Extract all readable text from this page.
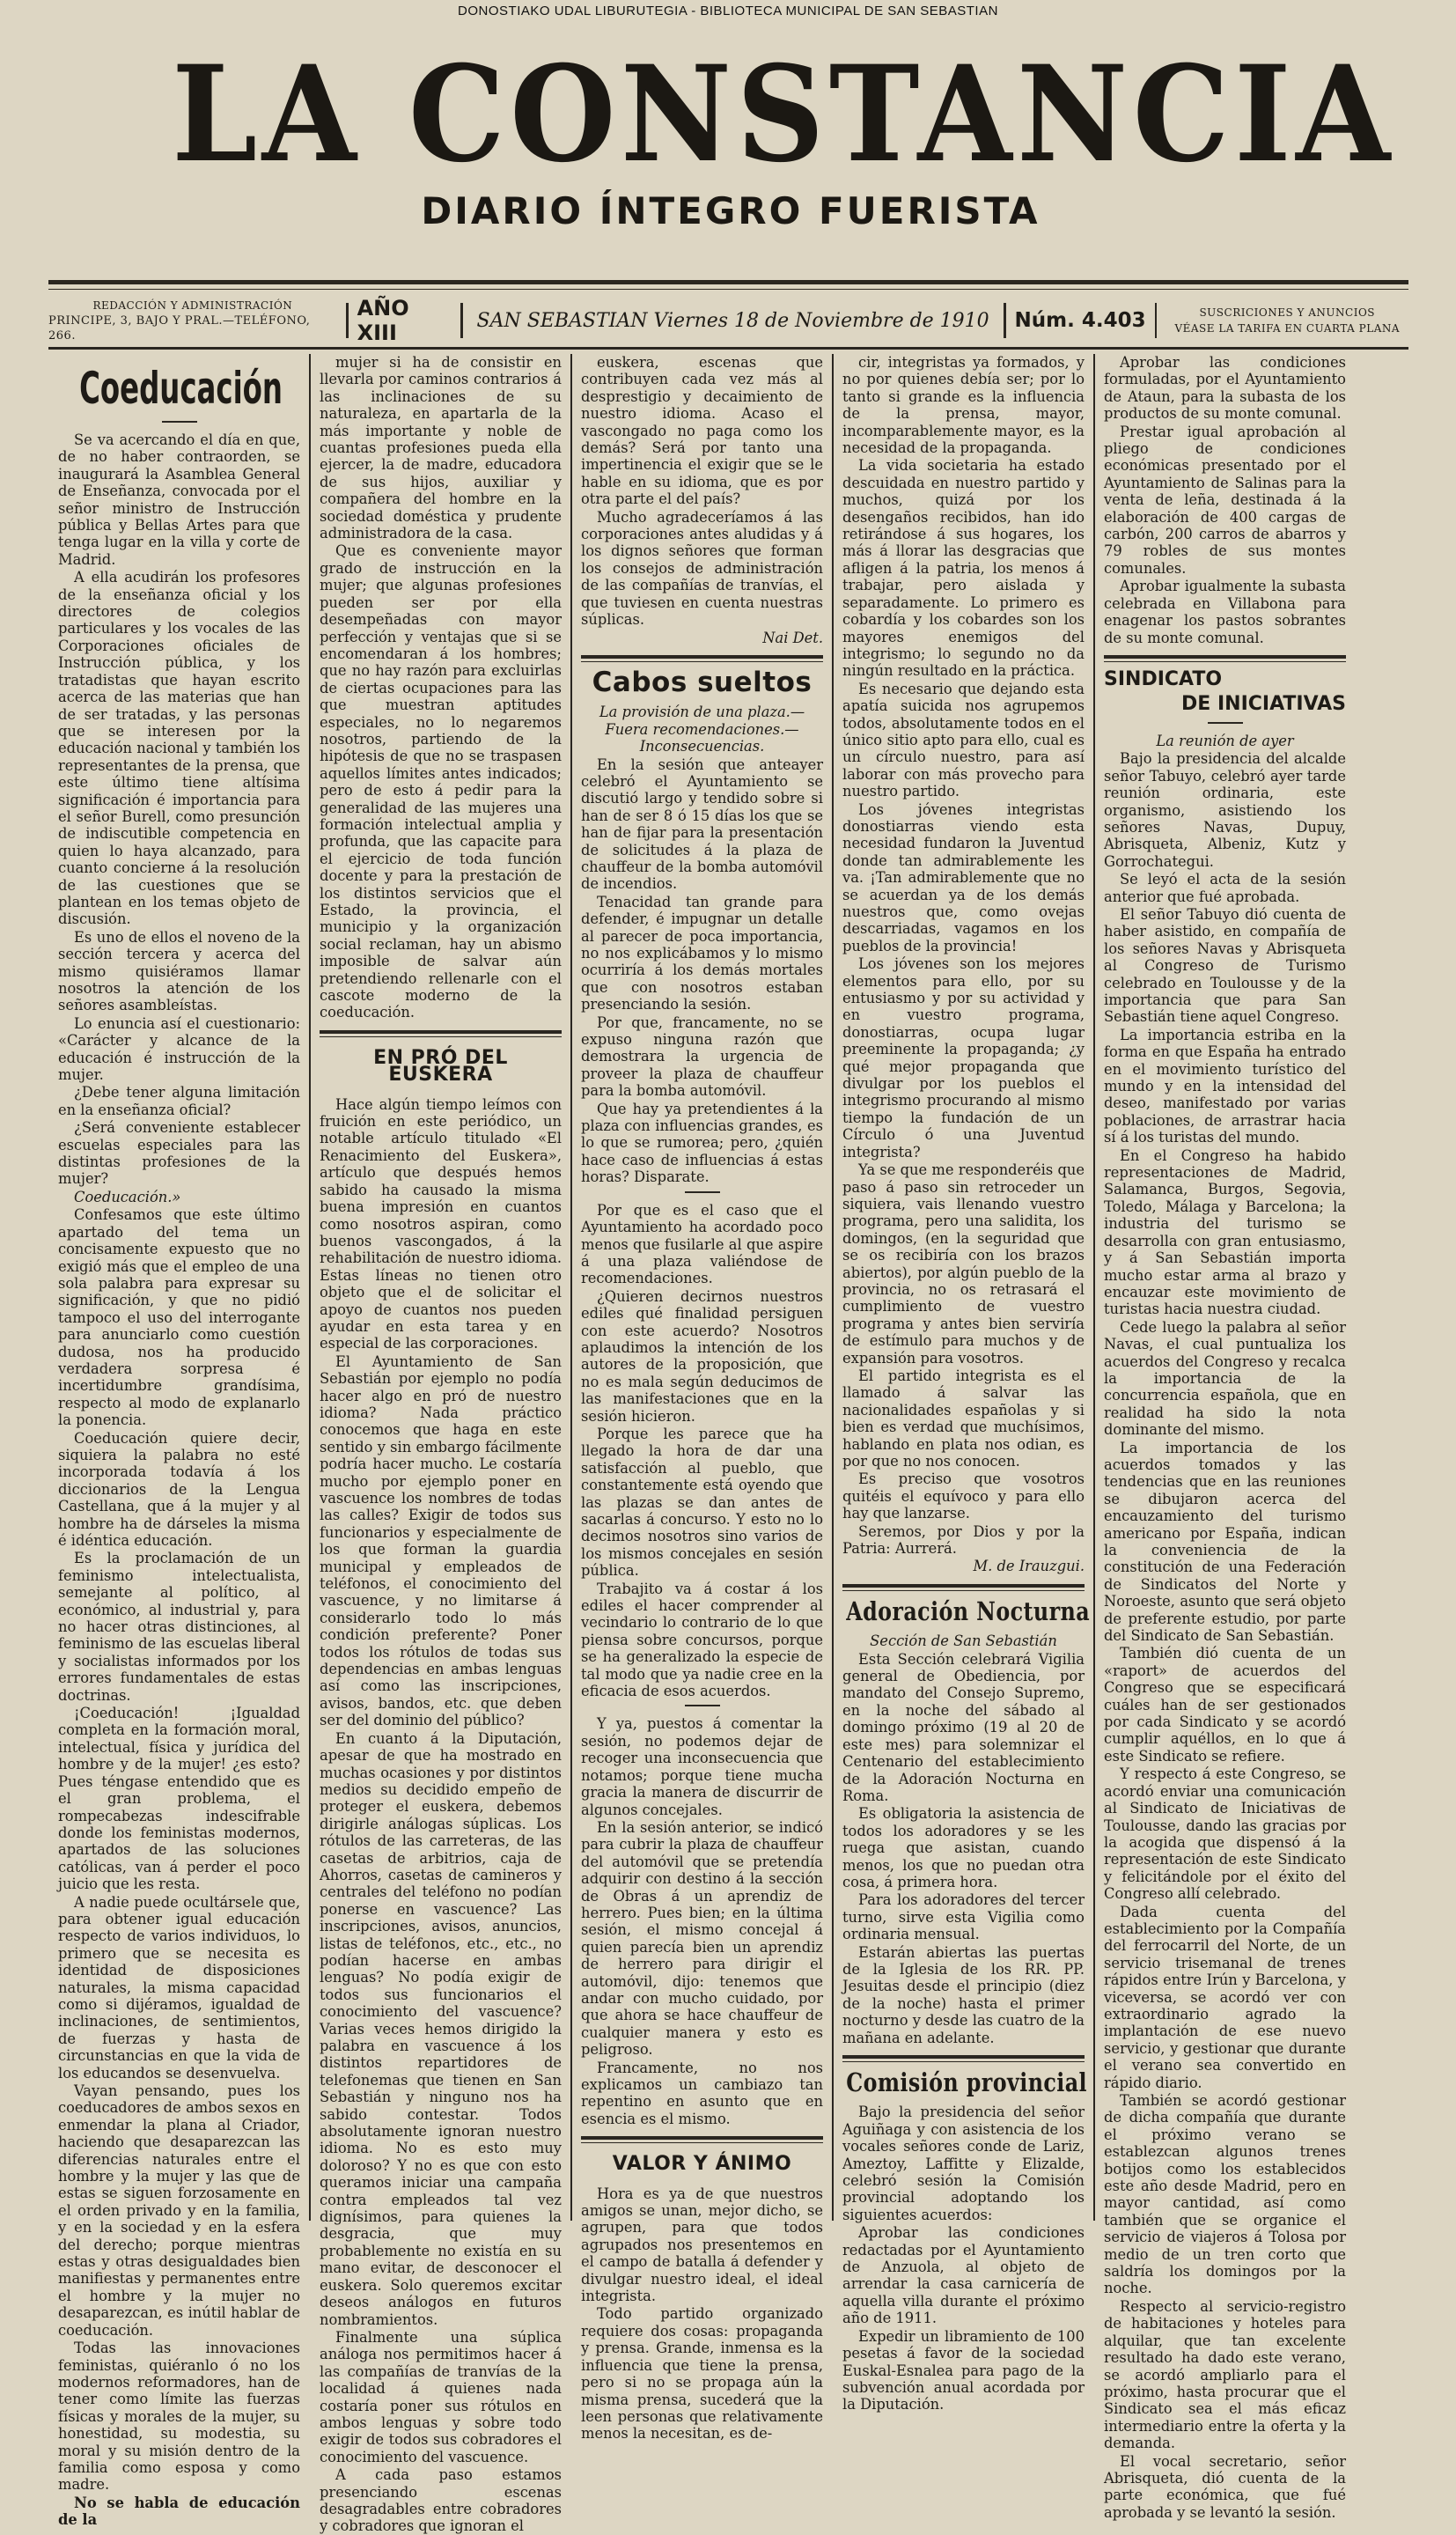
DONOSTIAKO UDAL LIBURUTEGIA - BIBLIOTECA MUNICIPAL DE SAN SEBASTIAN
LA CONSTANCIA
DIARIO ÍNTEGRO FUERISTA
REDACCIÓN Y ADMINISTRACIÓN
PRINCIPE, 3, BAJO Y PRAL.—TELÉFONO, 266.
AÑO XIII	SAN SEBASTIAN Viernes 18 de Noviembre de 1910 Núm. 4.403	SUSCRICIONES Y ANUNCIOS
VÉASE LA TARIFA EN CUARTA PLANA
Coeducación

Se va acercando el día en que, de no haber contraorden, se inaugurará la Asamblea General de Enseñanza, convocada por el señor ministro de Instrucción pública y Bellas Artes para que tenga lugar en la villa y corte de Madrid.

A ella acudirán los profesores de la enseñanza oficial y los directores de colegios particulares y los vocales de las Corporaciones oficiales de Instrucción pública, y los tratadistas que hayan escrito acerca de las materias que han de ser tratadas, y las personas que se interesen por la educación nacional y también los representantes de la prensa, que este último tiene altísima significación é importancia para el señor Burell, como presunción de indiscutible competencia en quien lo haya alcanzado, para cuanto concierne á la resolución de las cuestiones que se plantean en los temas objeto de discusión.

Es uno de ellos el noveno de la sección tercera y acerca del mismo quisiéramos llamar nosotros la atención de los señores asambleístas.

Lo enuncia así el cuestionario: «Carácter y alcance de la educación é instrucción de la mujer.

¿Debe tener alguna limitación en la enseñanza oficial?

¿Será conveniente establecer escuelas especiales para las distintas profesiones de la mujer?

Coeducación.»

Confesamos que este último apartado del tema un concisamente expuesto que no exigió más que el empleo de una sola palabra para expresar su significación, y que no pidió tampoco el uso del interrogante para anunciarlo como cuestión dudosa, nos ha producido verdadera sorpresa é incertidumbre grandísima, respecto al modo de explanarlo la ponencia.

Coeducación quiere decir, siquiera la palabra no esté incorporada todavía á los diccionarios de la Lengua Castellana, que á la mujer y al hombre ha de dárseles la misma é idéntica educación.

Es la proclamación de un feminismo intelectualista, semejante al político, al económico, al industrial y, para no hacer otras distinciones, al feminismo de las escuelas liberal y socialistas informados por los errores fundamentales de estas doctrinas.

¡Coeducación! ¡Igualdad completa en la formación moral, intelectual, física y jurídica del hombre y de la mujer! ¿es esto? Pues téngase entendido que es el gran problema, el rompecabezas indescifrable donde los feministas modernos, apartados de las soluciones católicas, van á perder el poco juicio que les resta.

A nadie puede ocultársele que, para obtener igual educación respecto de varios individuos, lo primero que se necesita es identidad de disposiciones naturales, la misma capacidad como si dijéramos, igualdad de inclinaciones, de sentimientos, de fuerzas y hasta de circunstancias en que la vida de los educandos se desenvuelva.

Vayan pensando, pues los coeducadores de ambos sexos en enmendar la plana al Criador, haciendo que desaparezcan las diferencias naturales entre el hombre y la mujer y las que de estas se siguen forzosamente en el orden privado y en la familia, y en la sociedad y en la esfera del derecho; porque mientras estas y otras desigualdades bien manifiestas y permanentes entre el hombre y la mujer no desaparezcan, es inútil hablar de coeducación.

Todas las innovaciones feministas, quiéranlo ó no los modernos reformadores, han de tener como límite las fuerzas físicas y morales de la mujer, su honestidad, su modestia, su moral y su misión dentro de la familia como esposa y como madre.

No se habla de educación de la

mujer si ha de consistir en llevarla por caminos contrarios á las inclinaciones de su naturaleza, en apartarla de la más importante y noble de cuantas profesiones pueda ella ejercer, la de madre, educadora de sus hijos, auxiliar y compañera del hombre en la sociedad doméstica y prudente administradora de la casa.

Que es conveniente mayor grado de instrucción en la mujer; que algunas profesiones pueden ser por ella desempeñadas con mayor perfección y ventajas que si se encomendaran á los hombres; que no hay razón para excluirlas de ciertas ocupaciones para las que muestran aptitudes especiales, no lo negaremos nosotros, partiendo de la hipótesis de que no se traspasen aquellos límites antes indicados; pero de esto á pedir para la generalidad de las mujeres una formación intelectual amplia y profunda, que las capacite para el ejercicio de toda función docente y para la prestación de los distintos servicios que el Estado, la provincia, el municipio y la organización social reclaman, hay un abismo imposible de salvar aún pretendiendo rellenarle con el cascote moderno de la coeducación.

EN PRÓ DEL EUSKERA

Hace algún tiempo leímos con fruición en este periódico, un notable artículo titulado «El Renacimiento del Euskera», artículo que después hemos sabido ha causado la misma buena impresión en cuantos como nosotros aspiran, como buenos vascongados, á la rehabilitación de nuestro idioma. Estas líneas no tienen otro objeto que el de solicitar el apoyo de cuantos nos pueden ayudar en esta tarea y en especial de las corporaciones.

El Ayuntamiento de San Sebastián por ejemplo no podía hacer algo en pró de nuestro idioma? Nada práctico conocemos que haga en este sentido y sin embargo fácilmente podría hacer mucho. Le costaría mucho por ejemplo poner en vascuence los nombres de todas las calles? Exigir de todos sus funcionarios y especialmente de los que forman la guardia municipal y empleados de teléfonos, el conocimiento del vascuence, y no limitarse á considerarlo todo lo más condición preferente? Poner todos los rótulos de todas sus dependencias en ambas lenguas así como las inscripciones, avisos, bandos, etc. que deben ser del dominio del público?

En cuanto á la Diputación, apesar de que ha mostrado en muchas ocasiones y por distintos medios su decidido empeño de proteger el euskera, debemos dirigirle análogas súplicas. Los rótulos de las carreteras, de las casetas de arbitrios, caja de Ahorros, casetas de camineros y centrales del teléfono no podían ponerse en vascuence? Las inscripciones, avisos, anuncios, listas de teléfonos, etc., etc., no podían hacerse en ambas lenguas? No podía exigir de todos sus funcionarios el conocimiento del vascuence? Varias veces hemos dirigido la palabra en vascuence á los distintos repartidores de telefonemas que tienen en San Sebastián y ninguno nos ha sabido contestar. Todos absolutamente ignoran nuestro idioma. No es esto muy doloroso? Y no es que con esto queramos iniciar una campaña contra empleados tal vez dignísimos, para quienes la desgracia, que muy probablemente no existía en su mano evitar, de desconocer el euskera. Solo queremos excitar deseos análogos en futuros nombramientos.

Finalmente una súplica análoga nos permitimos hacer á las compañías de tranvías de la localidad á quienes nada costaría poner sus rótulos en ambos lenguas y sobre todo exigir de todos sus cobradores el conocimiento del vascuence.

A cada paso estamos presenciando escenas desagradables entre cobradores y cobradores que ignoran el

euskera, escenas que contribuyen cada vez más al desprestigio y decaimiento de nuestro idioma. Acaso el vascongado no paga como los demás? Será por tanto una impertinencia el exigir que se le hable en su idioma, que es por otra parte el del país?

Mucho agradeceríamos á las corporaciones antes aludidas y á los dignos señores que forman los consejos de administración de las compañías de tranvías, el que tuviesen en cuenta nuestras súplicas.

Nai Det.

Cabos sueltos

La provisión de una plaza.—Fuera recomendaciones.—Inconsecuencias.

En la sesión que anteayer celebró el Ayuntamiento se discutió largo y tendido sobre si han de ser 8 ó 15 días los que se han de fijar para la presentación de solicitudes á la plaza de chauffeur de la bomba automóvil de incendios.

Tenacidad tan grande para defender, é impugnar un detalle al parecer de poca importancia, no nos explicábamos y lo mismo ocurriría á los demás mortales que con nosotros estaban presenciando la sesión.

Por que, francamente, no se expuso ninguna razón que demostrara la urgencia de proveer la plaza de chauffeur para la bomba automóvil.

Que hay ya pretendientes á la plaza con influencias grandes, es lo que se rumorea; pero, ¿quién hace caso de influencias á estas horas? Disparate.

Por que es el caso que el Ayuntamiento ha acordado poco menos que fusilarle al que aspire á una plaza valiéndose de recomendaciones.

¿Quieren decirnos nuestros ediles qué finalidad persiguen con este acuerdo? Nosotros aplaudimos la intención de los autores de la proposición, que no es mala según deducimos de las manifestaciones que en la sesión hicieron.

Porque les parece que ha llegado la hora de dar una satisfacción al pueblo, que constantemente está oyendo que las plazas se dan antes de sacarlas á concurso. Y esto no lo decimos nosotros sino varios de los mismos concejales en sesión pública.

Trabajito va á costar á los ediles el hacer comprender al vecindario lo contrario de lo que piensa sobre concursos, porque se ha generalizado la especie de tal modo que ya nadie cree en la eficacia de esos acuerdos.

Y ya, puestos á comentar la sesión, no podemos dejar de recoger una inconsecuencia que notamos; porque tiene mucha gracia la manera de discurrir de algunos concejales.

En la sesión anterior, se indicó para cubrir la plaza de chauffeur del automóvil que se pretendía adquirir con destino á la sección de Obras á un aprendiz de herrero. Pues bien; en la última sesión, el mismo concejal á quien parecía bien un aprendiz de herrero para dirigir el automóvil, dijo: tenemos que andar con mucho cuidado, por que ahora se hace chauffeur de cualquier manera y esto es peligroso.

Francamente, no nos explicamos un cambiazo tan repentino en asunto que en esencia es el mismo.

VALOR Y ÁNIMO

Hora es ya de que nuestros amigos se unan, mejor dicho, se agrupen, para que todos agrupados nos presentemos en el campo de batalla á defender y divulgar nuestro ideal, el ideal integrista.

Todo partido organizado requiere dos cosas: propaganda y prensa. Grande, inmensa es la influencia que tiene la prensa, pero si no se propaga aún la misma prensa, sucederá que la leen personas que relativamente menos la necesitan, es de-

cir, integristas ya formados, y no por quienes debía ser; por lo tanto si grande es la influencia de la prensa, mayor, incomparablemente mayor, es la necesidad de la propaganda.

La vida societaria ha estado descuidada en nuestro partido y muchos, quizá por los desengaños recibidos, han ido retirándose á sus hogares, los más á llorar las desgracias que afligen á la patria, los menos á trabajar, pero aislada y separadamente. Lo primero es cobardía y los cobardes son los mayores enemigos del integrismo; lo segundo no da ningún resultado en la práctica.

Es necesario que dejando esta apatía suicida nos agrupemos todos, absolutamente todos en el único sitio apto para ello, cual es un círculo nuestro, para así laborar con más provecho para nuestro partido.

Los jóvenes integristas donostiarras viendo esta necesidad fundaron la Juventud donde tan admirablemente les va. ¡Tan admirablemente que no se acuerdan ya de los demás nuestros que, como ovejas descarriadas, vagamos en los pueblos de la provincia!

Los jóvenes son los mejores elementos para ello, por su entusiasmo y por su actividad y en vuestro programa, donostiarras, ocupa lugar preeminente la propaganda; ¿y qué mejor propaganda que divulgar por los pueblos el integrismo procurando al mismo tiempo la fundación de un Círculo ó una Juventud integrista?

Ya se que me responderéis que paso á paso sin retroceder un siquiera, vais llenando vuestro programa, pero una salidita, los domingos, (en la seguridad que se os recibiría con los brazos abiertos), por algún pueblo de la provincia, no os retrasará el cumplimiento de vuestro programa y antes bien serviría de estímulo para muchos y de expansión para vosotros.

El partido integrista es el llamado á salvar las nacionalidades españolas y si bien es verdad que muchísimos, hablando en plata nos odian, es por que no nos conocen.

Es preciso que vosotros quitéis el equívoco y para ello hay que lanzarse.

Seremos, por Dios y por la Patria: Aurrerá.

M. de Irauzgui.

Adoración Nocturna

Sección de San Sebastián

Esta Sección celebrará Vigilia general de Obediencia, por mandato del Consejo Supremo, en la noche del sábado al domingo próximo (19 al 20 de este mes) para solemnizar el Centenario del establecimiento de la Adoración Nocturna en Roma.

Es obligatoria la asistencia de todos los adoradores y se les ruega que asistan, cuando menos, los que no puedan otra cosa, á primera hora.

Para los adoradores del tercer turno, sirve esta Vigilia como ordinaria mensual.

Estarán abiertas las puertas de la Iglesia de los RR. PP. Jesuitas desde el principio (diez de la noche) hasta el primer nocturno y desde las cuatro de la mañana en adelante.

Comisión provincial

Bajo la presidencia del señor Aguiñaga y con asistencia de los vocales señores conde de Lariz, Ameztoy, Laffitte y Elizalde, celebró sesión la Comisión provincial adoptando los siguientes acuerdos:

Aprobar las condiciones redactadas por el Ayuntamiento de Anzuola, al objeto de arrendar la casa carnicería de aquella villa durante el próximo año de 1911.

Expedir un libramiento de 100 pesetas á favor de la sociedad Euskal-Esnalea para pago de la subvención anual acordada por la Diputación.

Aprobar las condiciones formuladas, por el Ayuntamiento de Ataun, para la subasta de los productos de su monte comunal.

Prestar igual aprobación al pliego de condiciones económicas presentado por el Ayuntamiento de Salinas para la venta de leña, destinada á la elaboración de 400 cargas de carbón, 200 carros de abarros y 79 robles de sus montes comunales.

Aprobar igualmente la subasta celebrada en Villabona para enagenar los pastos sobrantes de su monte comunal.

SINDICATO
DE INICIATIVAS

La reunión de ayer

Bajo la presidencia del alcalde señor Tabuyo, celebró ayer tarde reunión ordinaria, este organismo, asistiendo los señores Navas, Dupuy, Abrisqueta, Albeniz, Kutz y Gorrochategui.

Se leyó el acta de la sesión anterior que fué aprobada.

El señor Tabuyo dió cuenta de haber asistido, en compañía de los señores Navas y Abrisqueta al Congreso de Turismo celebrado en Toulousse y de la importancia que para San Sebastián tiene aquel Congreso.

La importancia estriba en la forma en que España ha entrado en el movimiento turístico del mundo y en la intensidad del deseo, manifestado por varias poblaciones, de arrastrar hacia sí á los turistas del mundo.

En el Congreso ha habido representaciones de Madrid, Salamanca, Burgos, Segovia, Toledo, Málaga y Barcelona; la industria del turismo se desarrolla con gran entusiasmo, y á San Sebastián importa mucho estar arma al brazo y encauzar este movimiento de turistas hacia nuestra ciudad.

Cede luego la palabra al señor Navas, el cual puntualiza los acuerdos del Congreso y recalca la importancia de la concurrencia española, que en realidad ha sido la nota dominante del mismo.

La importancia de los acuerdos tomados y las tendencias que en las reuniones se dibujaron acerca del encauzamiento del turismo americano por España, indican la conveniencia de la constitución de una Federación de Sindicatos del Norte y Noroeste, asunto que será objeto de preferente estudio, por parte del Sindicato de San Sebastián.

También dió cuenta de un «raport» de acuerdos del Congreso que se especificará cuáles han de ser gestionados por cada Sindicato y se acordó cumplir aquéllos, en lo que á este Sindicato se refiere.

Y respecto á este Congreso, se acordó enviar una comunicación al Sindicato de Iniciativas de Toulousse, dando las gracias por la acogida que dispensó á la representación de este Sindicato y felicitándole por el éxito del Congreso allí celebrado.

Dada cuenta del establecimiento por la Compañía del ferrocarril del Norte, de un servicio trisemanal de trenes rápidos entre Irún y Barcelona, y viceversa, se acordó ver con extraordinario agrado la implantación de ese nuevo servicio, y gestionar que durante el verano sea convertido en rápido diario.

También se acordó gestionar de dicha compañía que durante el próximo verano se establezcan algunos trenes botijos como los establecidos este año desde Madrid, pero en mayor cantidad, así como también que se organice el servicio de viajeros á Tolosa por medio de un tren corto que saldría los domingos por la noche.

Respecto al servicio-registro de habitaciones y hoteles para alquilar, que tan excelente resultado ha dado este verano, se acordó ampliarlo para el próximo, hasta procurar que el Sindicato sea el más eficaz intermediario entre la oferta y la demanda.

El vocal secretario, señor Abrisqueta, dió cuenta de la parte económica, que fué aprobada y se levantó la sesión.
